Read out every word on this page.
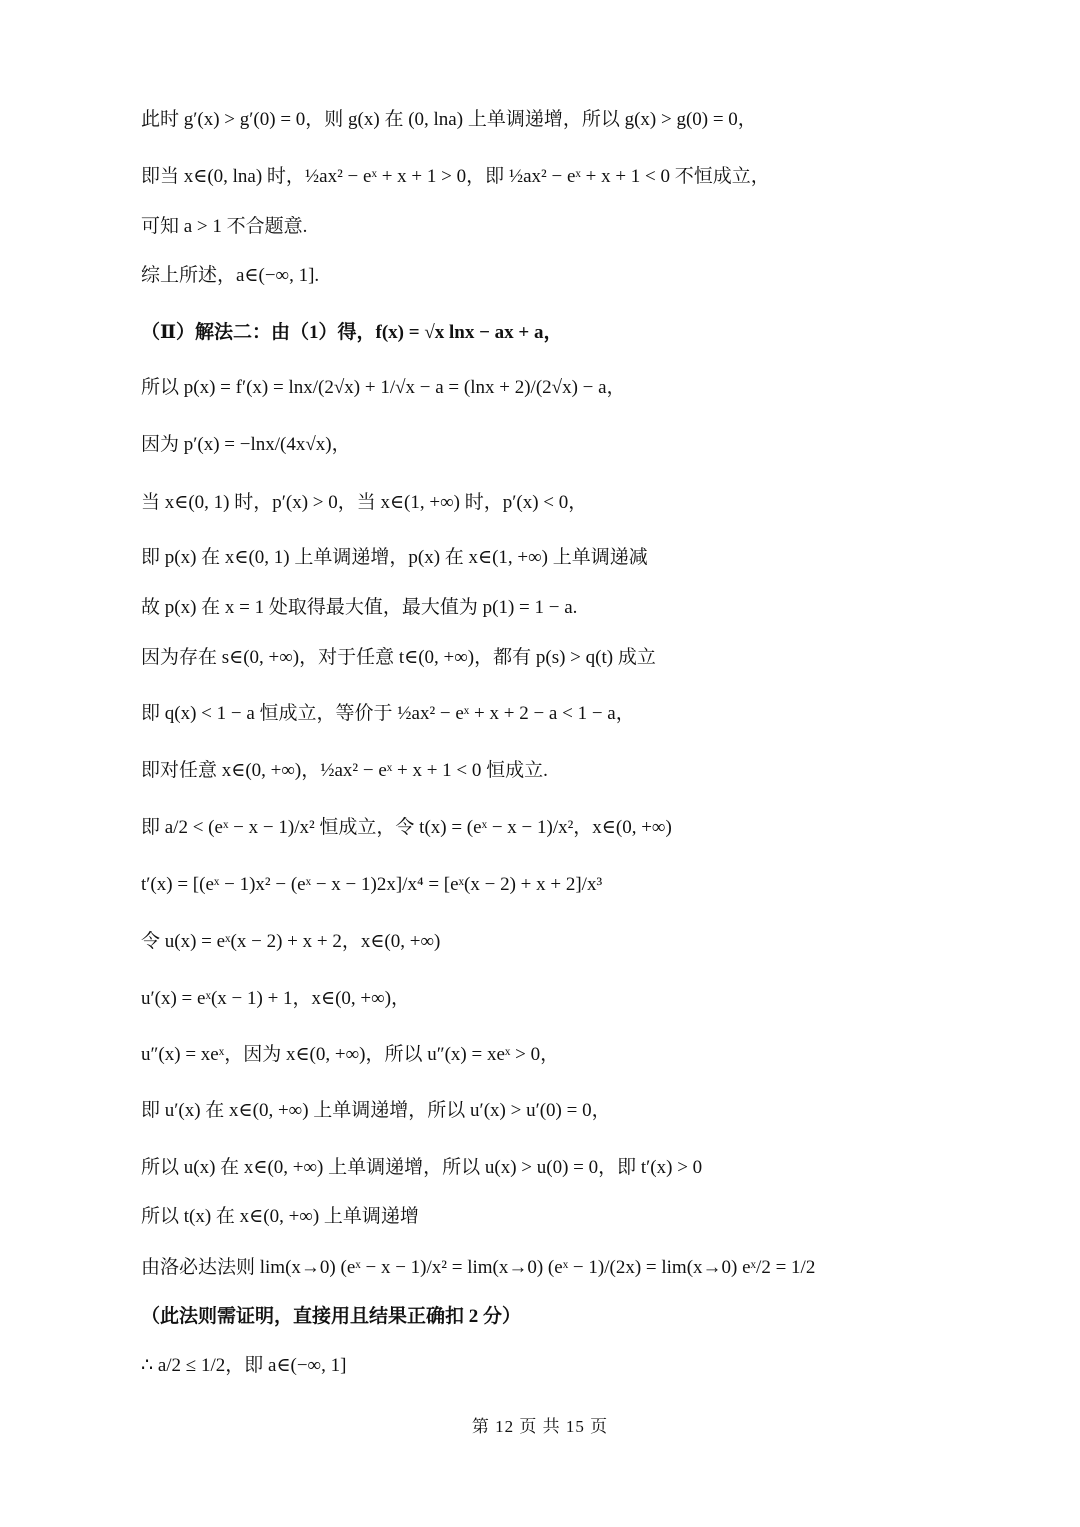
此时 g′(x) > g′(0) = 0，则 g(x) 在 (0, lna) 上单调递增，所以 g(x) > g(0) = 0，
即当 x∈(0, lna) 时，½ax² − eˣ + x + 1 > 0，即 ½ax² − eˣ + x + 1 < 0 不恒成立，
可知 a > 1 不合题意.
综上所述，a∈(−∞, 1].
（Ⅱ）解法二：由（1）得，f(x) = √x lnx − ax + a，
所以 p(x) = f′(x) = lnx/(2√x) + 1/√x − a = (lnx + 2)/(2√x) − a，
因为 p′(x) = −lnx/(4x√x)，
当 x∈(0, 1) 时，p′(x) > 0，当 x∈(1, +∞) 时，p′(x) < 0，
即 p(x) 在 x∈(0, 1) 上单调递增，p(x) 在 x∈(1, +∞) 上单调递减
故 p(x) 在 x = 1 处取得最大值，最大值为 p(1) = 1 − a.
因为存在 s∈(0, +∞)，对于任意 t∈(0, +∞)，都有 p(s) > q(t) 成立
即 q(x) < 1 − a 恒成立，等价于 ½ax² − eˣ + x + 2 − a < 1 − a，
即对任意 x∈(0, +∞)，½ax² − eˣ + x + 1 < 0 恒成立.
即 a/2 < (eˣ − x − 1)/x² 恒成立，令 t(x) = (eˣ − x − 1)/x²，x∈(0, +∞)
t′(x) = [(eˣ − 1)x² − (eˣ − x − 1)2x]/x⁴ = [eˣ(x − 2) + x + 2]/x³
令 u(x) = eˣ(x − 2) + x + 2，x∈(0, +∞)
u′(x) = eˣ(x − 1) + 1，x∈(0, +∞)，
u″(x) = xeˣ，因为 x∈(0, +∞)，所以 u″(x) = xeˣ > 0，
即 u′(x) 在 x∈(0, +∞) 上单调递增，所以 u′(x) > u′(0) = 0，
所以 u(x) 在 x∈(0, +∞) 上单调递增，所以 u(x) > u(0) = 0，即 t′(x) > 0
所以 t(x) 在 x∈(0, +∞) 上单调递增
由洛必达法则 lim(x→0) (eˣ − x − 1)/x² = lim(x→0) (eˣ − 1)/(2x) = lim(x→0) eˣ/2 = 1/2
（此法则需证明，直接用且结果正确扣 2 分）
∴ a/2 ≤ 1/2，即 a∈(−∞, 1]
第 12 页 共 15 页
